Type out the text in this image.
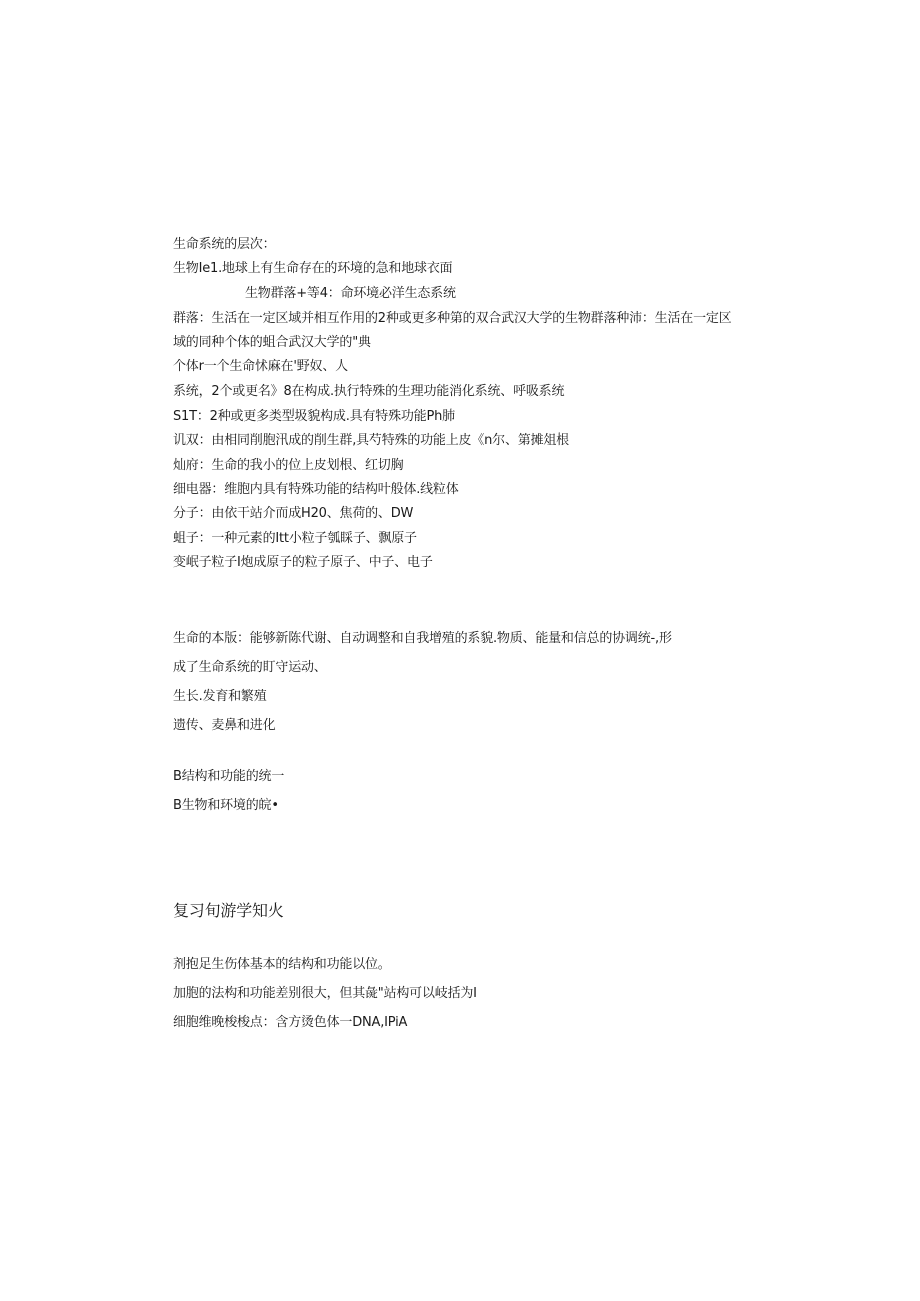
生命系统的层次：
生物Ie1.地球上有生命存在的环境的急和地球衣面
生物群落+等4：命环境必洋生态系统
群落：生活在一定区域并相互作用的2种或更多种第的双合武汉大学的生物群落种沛：生活在一定区
域的同种个体的蛆合武汉大学的"典
个体r一个生命怵麻在'野奴、人
系统，2个或更名》8在构成.执行特殊的生理功能消化系统、呼吸系统
S1T：2种或更多类型圾貌构成.具有特殊功能Ph肺
讥双：由相同削胞汛成的削生群,具芍特殊的功能上皮《n尔、第摊俎根
灿府：生命的我小的位上皮划根、红切胸
细电器：维胞内具有特殊功能的结构叶般体.线粒体
分子：由依干站介而成H20、焦荷的、DW
蛆子：一种元素的Itt小粒子瓠睬子、飘原子
变岷子粒子I炮成原子的粒子原子、中子、电子
生命的本版：能够新陈代谢、自动调整和自我增殖的系貌.物质、能量和信总的协调统-,形
成了生命系统的盯守运动、
生长.发育和繁殖
遗传、麦鼻和进化
B结构和功能的统一
B生物和环境的皖•
复习旬游学知火
剂抱足生伤体基本的结构和功能以位。
加胞的法构和功能差别很大，但其彘"站构可以岐括为I
细胞维晚梭梭点：含方烫色体一DNA,IPiA
